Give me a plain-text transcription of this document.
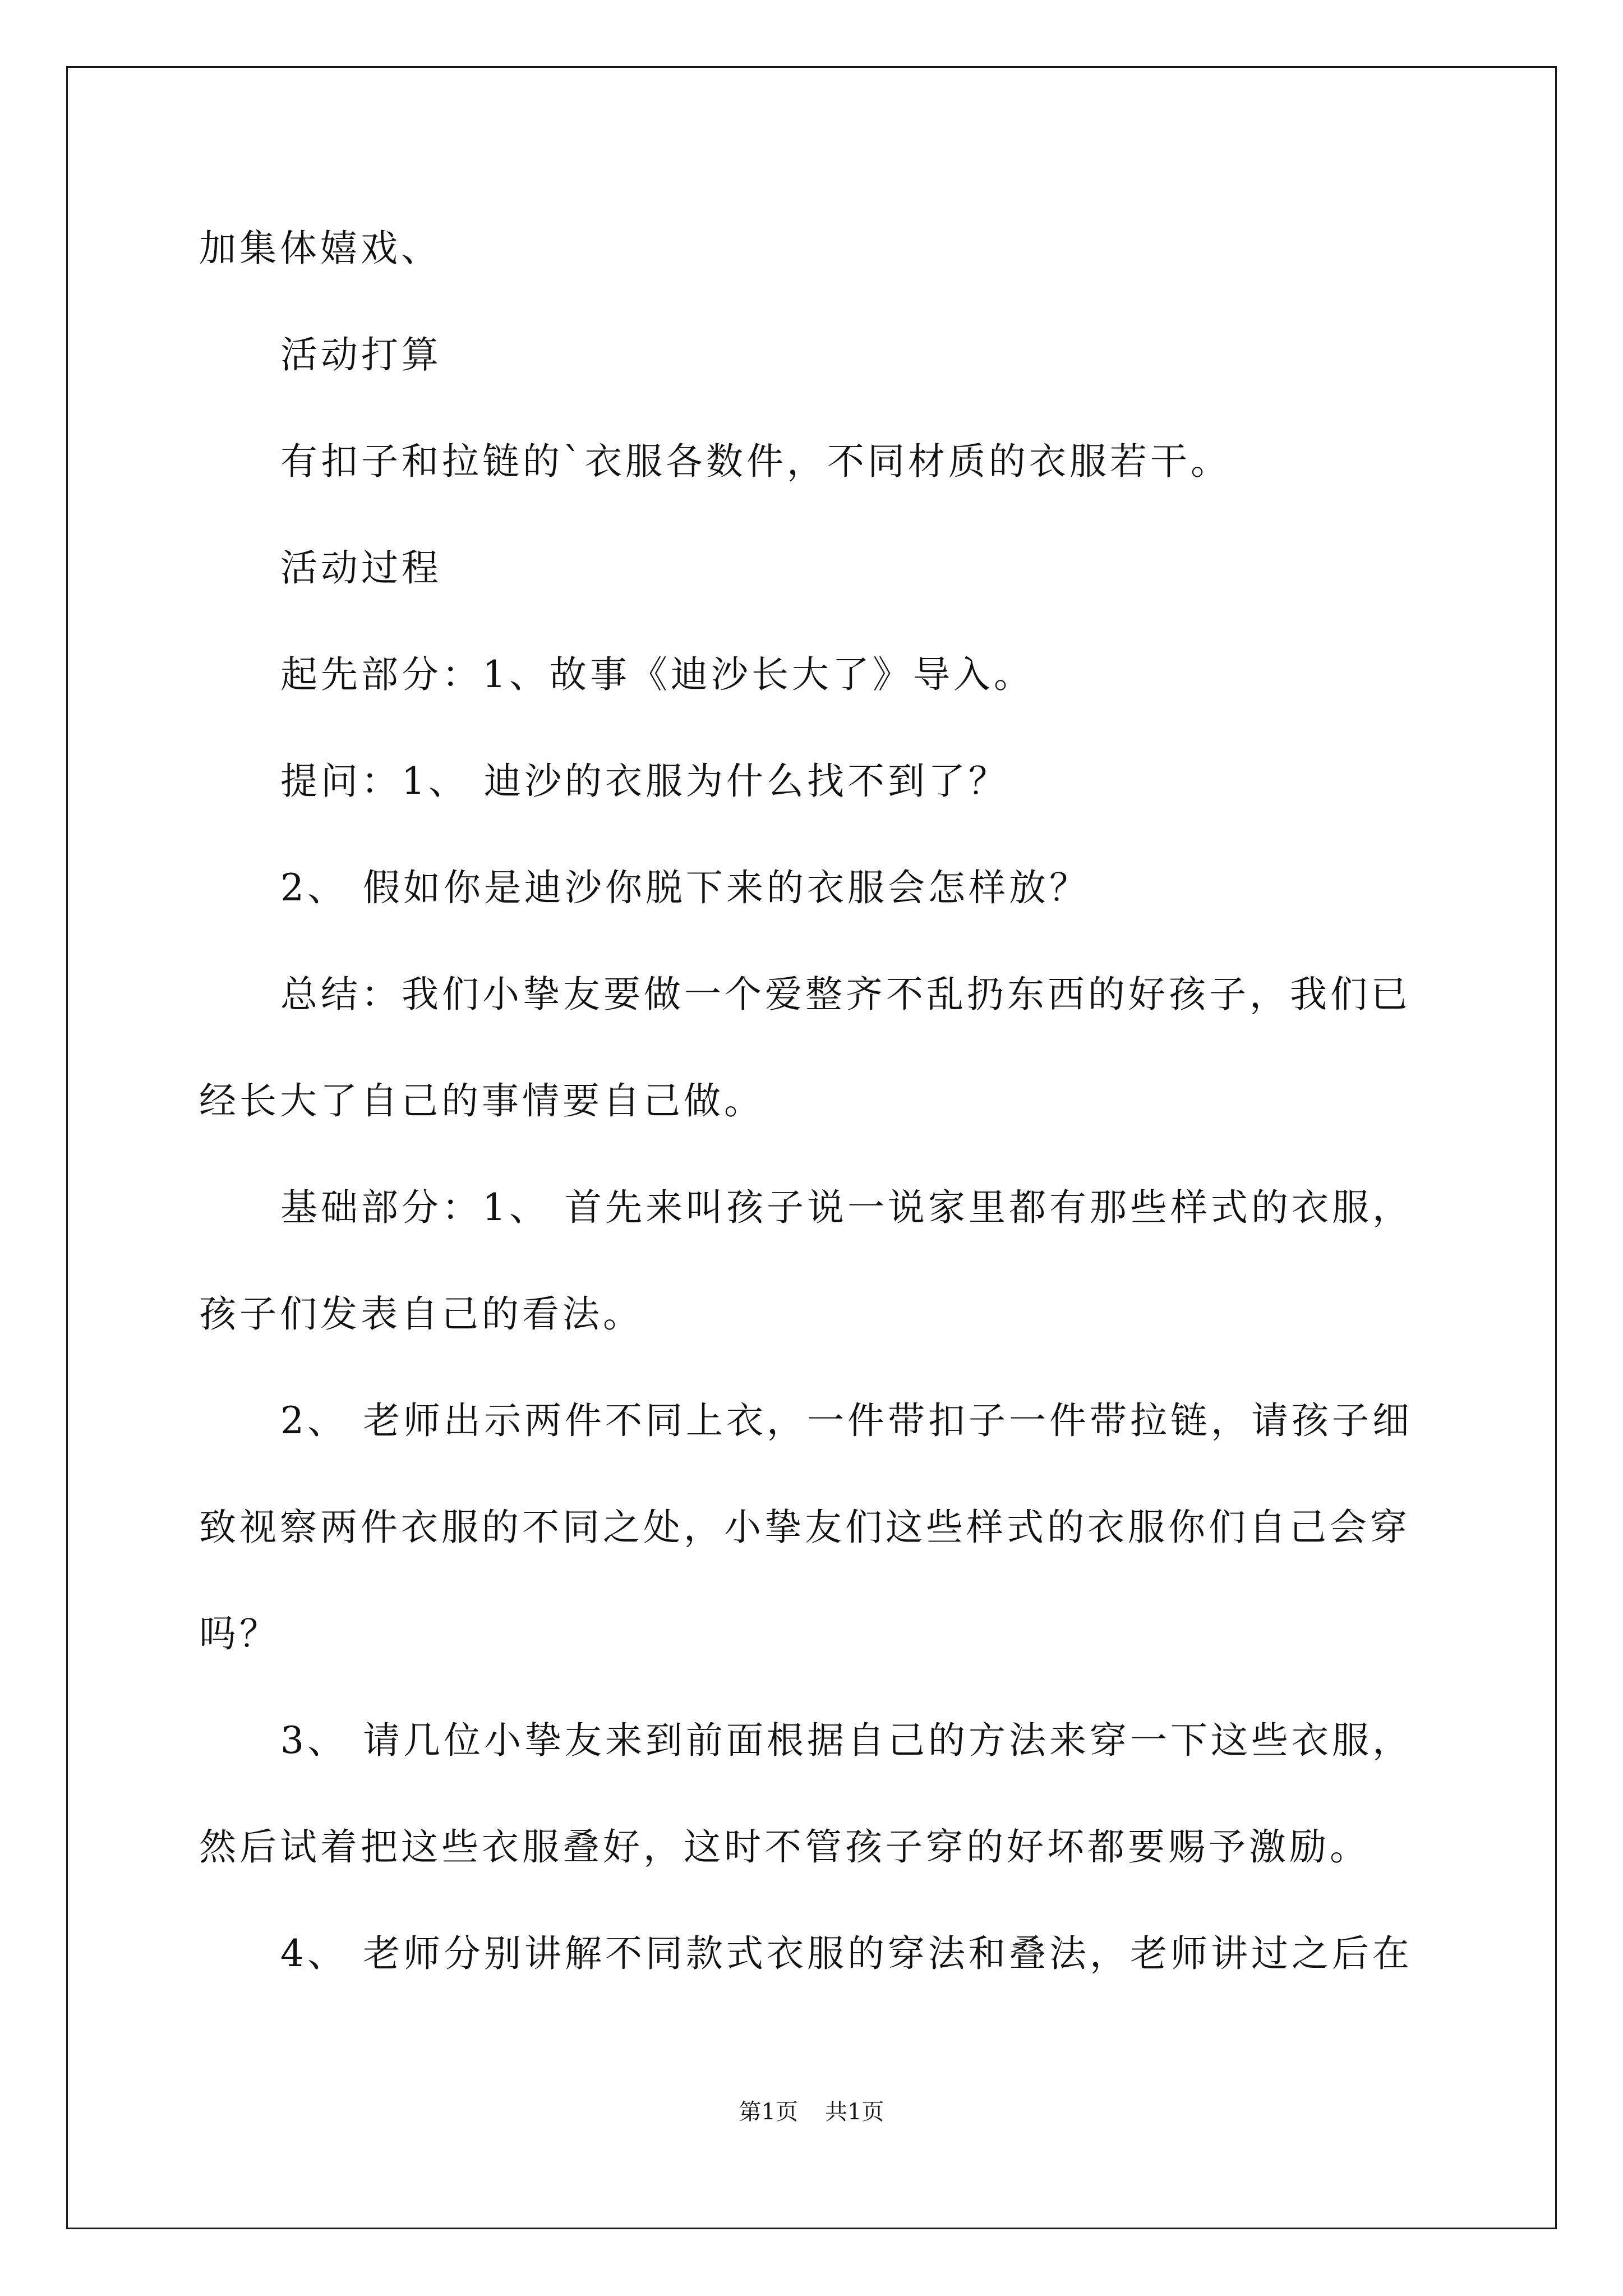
加集体嬉戏、
活动打算
有扣子和拉链的`衣服各数件，不同材质的衣服若干。
活动过程
起先部分：1、故事《迪沙长大了》导入。
提问：1、 迪沙的衣服为什么找不到了？
2、 假如你是迪沙你脱下来的衣服会怎样放？
总结：我们小挚友要做一个爱整齐不乱扔东西的好孩子，我们已
经长大了自己的事情要自己做。
基础部分：1、 首先来叫孩子说一说家里都有那些样式的衣服，
孩子们发表自己的看法。
2、 老师出示两件不同上衣，一件带扣子一件带拉链，请孩子细
致视察两件衣服的不同之处，小挚友们这些样式的衣服你们自己会穿
吗？
3、 请几位小挚友来到前面根据自己的方法来穿一下这些衣服，
然后试着把这些衣服叠好，这时不管孩子穿的好坏都要赐予激励。
4、 老师分别讲解不同款式衣服的穿法和叠法，老师讲过之后在
第1页 共1页
